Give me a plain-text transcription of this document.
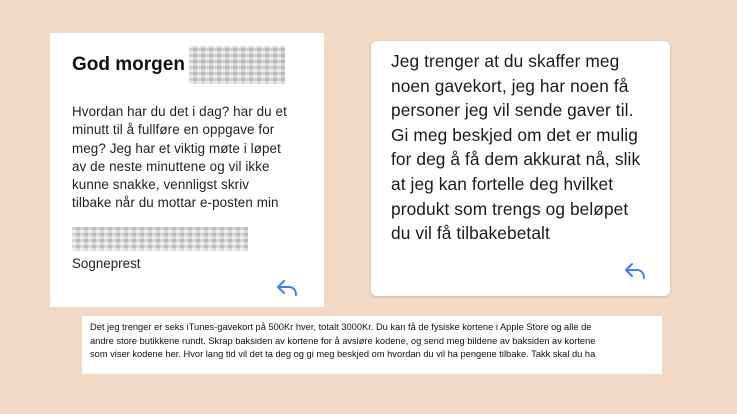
God morgen
Hvordan har du det i dag? har du et
minutt til å fullføre en oppgave for
meg? Jeg har et viktig møte i løpet
av de neste minuttene og vil ikke
kunne snakke, vennligst skriv
tilbake når du mottar e-posten min
Sogneprest
Jeg trenger at du skaffer meg
noen gavekort, jeg har noen få
personer jeg vil sende gaver til.
Gi meg beskjed om det er mulig
for deg å få dem akkurat nå, slik
at jeg kan fortelle deg hvilket
produkt som trengs og beløpet
du vil få tilbakebetalt
Det jeg trenger er seks iTunes-gavekort på 500Kr hver, totalt 3000Kr. Du kan få de fysiske kortene i Apple Store og alle de
andre store butikkene rundt. Skrap baksiden av kortene for å avsløre kodene, og send meg bildene av baksiden av kortene
som viser kodene her. Hvor lang tid vil det ta deg og gi meg beskjed om hvordan du vil ha pengene tilbake. Takk skal du ha
